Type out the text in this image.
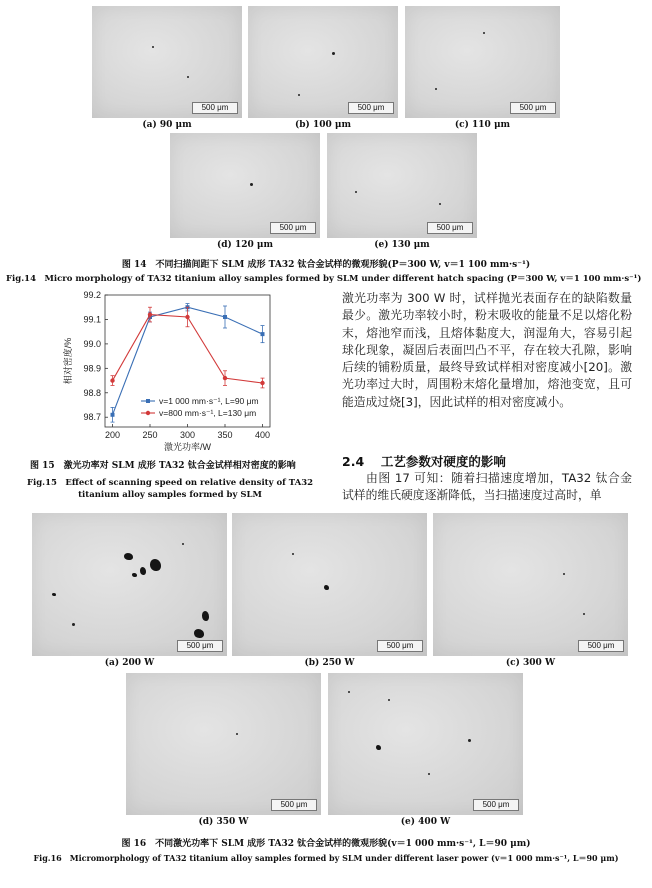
500 μm	500 μm	500 μm
(a) 90 μm	(b) 100 μm	(c) 110 μm
500 μm	500 μm
(d) 120 μm	(e) 130 μm
图 14　不同扫描间距下 SLM 成形 TA32 钛合金试样的微观形貌(P＝300 W, v＝1 100 mm·s⁻¹)
Fig.14　Micro morphology of TA32 titanium alloy samples formed by SLM under different hatch spacing (P＝300 W, v＝1 100 mm·s⁻¹)
98.7
98.8
98.9
99.0
99.1
99.2
200 250 300 350 400
激光功率/W
相对密度/%
v=1 000 mm·s⁻¹, L=90 μm
v=800 mm·s⁻¹, L=130 μm
图 15　激光功率对 SLM 成形 TA32 钛合金试样相对密度的影响
Fig.15　Effect of scanning speed on relative density of TA32
titanium alloy samples formed by SLM

激光功率为 300 W 时，试样抛光表面存在的缺陷数量最少。激光功率较小时，粉末吸收的能量不足以熔化粉末，熔池窄而浅，且熔体黏度大，润湿角大，容易引起球化现象，凝固后表面凹凸不平，存在较大孔隙，影响后续的铺粉质量，最终导致试样相对密度减小[20]。激光功率过大时，周围粉末熔化量增加，熔池变宽，且可能造成过烧[3]，因此试样的相对密度减小。

2.4 工艺参数对硬度的影响

由图 17 可知：随着扫描速度增加，TA32 钛合金试样的维氏硬度逐渐降低，当扫描速度过高时，单

500 μm	500 μm	500 μm
(a) 200 W	(b) 250 W	(c) 300 W
500 μm	500 μm
(d) 350 W	(e) 400 W
图 16　不同激光功率下 SLM 成形 TA32 钛合金试样的微观形貌(v＝1 000 mm·s⁻¹, L＝90 μm)
Fig.16　Micromorphology of TA32 titanium alloy samples formed by SLM under different laser power (v＝1 000 mm·s⁻¹, L＝90 μm)
